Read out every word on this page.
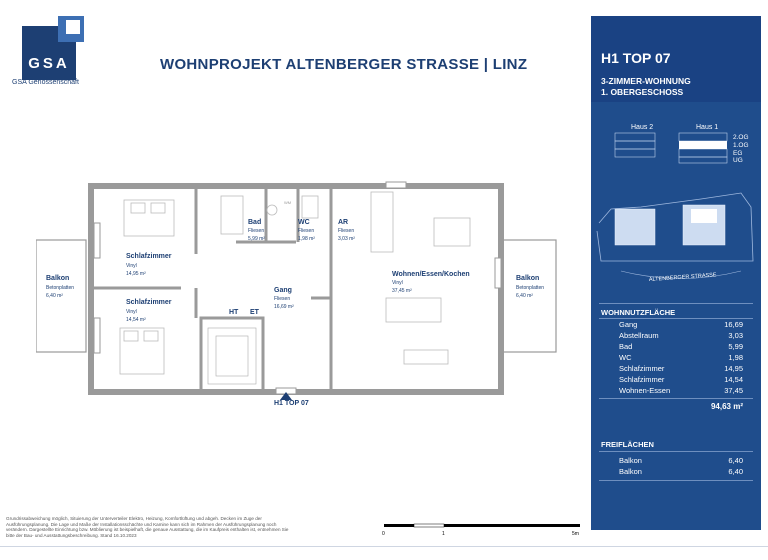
GSA
GSA Genossenschaft
WOHNPROJEKT ALTENBERGER STRASSE | LINZ	H1 TOP 07
3-ZIMMER-WOHNUNG
1. OBERGESCHOSS
Haus 2	Haus 1
2.OG
1.OG
EG
UG
ALTENBERGER STRASSE
WOHNNUTZFLÄCHE
Gang	16,69
Abstellraum	3,03
Bad	5,99
WC	1,98
Schlafzimmer	14,95
Schlafzimmer	14,54
Wohnen-Essen	37,45
94,63 m²
FREIFLÄCHEN
Balkon	6,40
Balkon	6,40
Schlafzimmer
Vinyl
14,95 m²
Schlafzimmer
Vinyl
14,54 m²
Bad
Fliesen
5,99 m²
WC
Fliesen
1,98 m²
AR
Fliesen
3,03 m²
Gang
Fliesen
16,69 m²
Wohnen/Essen/Kochen
Vinyl
37,45 m²
Balkon
Betonplatten
6,40 m²
Balkon
Betonplatten
6,40 m²
HT ET
WM
H1 TOP 07
Grundrissabweichung möglich, Situierung der Unterverteiler Elektro, Heizung, Komfortlüftung und abgeh. Decken im Zuge der Ausführungsplanung. Die Lage und Maße der Installationsschächte und Kamine kann sich im Rahmen der Ausführungsplanung noch verändern. Dargestellte Einrichtung bzw. Möblierung ist beispielhaft, die genaue Ausstattung, die im Kaufpreis enthalten ist, entnehmen Sie bitte der Bau- und Ausstattungsbeschreibung. Stand 16.10.2023	0	1	5m
